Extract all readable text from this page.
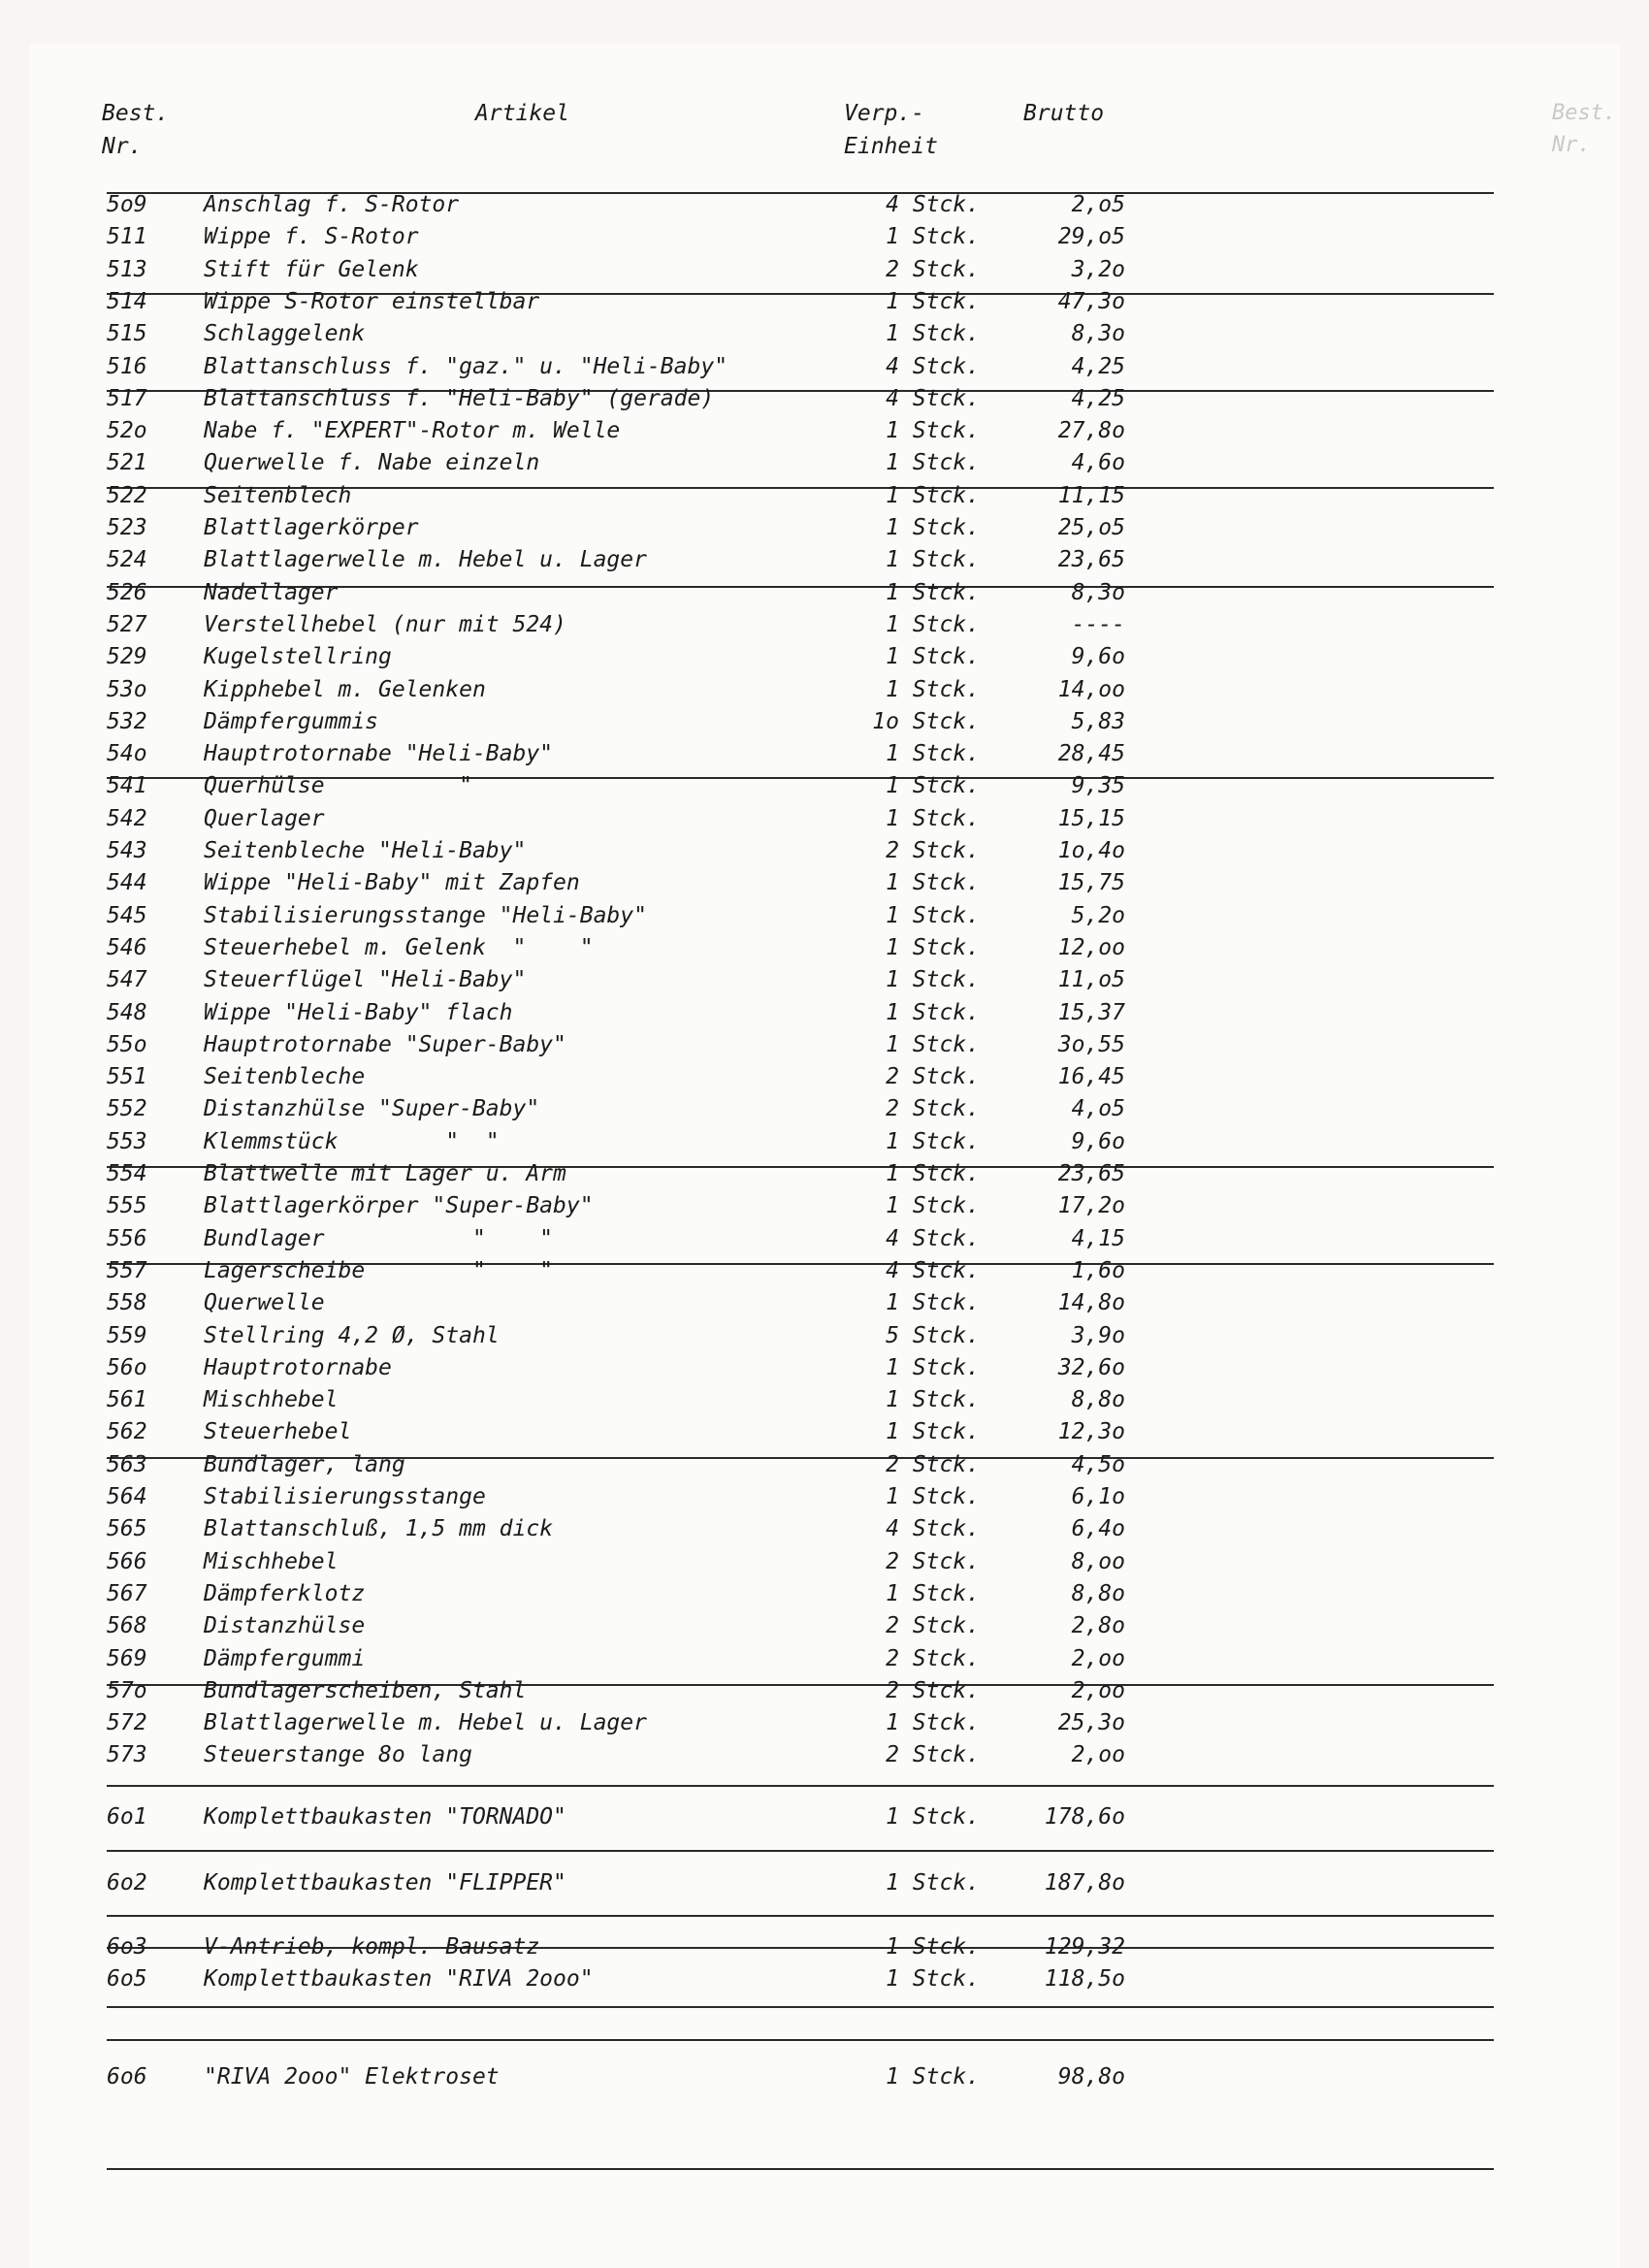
Best.
Nr.
Best.
Nr.
Artikel	Verp.-
Einheit
Brutto
5o9	Anschlag f. S-Rotor	4 Stck.	2,o5
511	Wippe f. S-Rotor	1 Stck.	29,o5
513	Stift für Gelenk	2 Stck.	3,2o
514	Wippe S-Rotor einstellbar	1 Stck.	47,3o
515	Schlaggelenk	1 Stck.	8,3o
516	Blattanschluss f. "gaz." u. "Heli-Baby"	4 Stck.	4,25
517	Blattanschluss f. "Heli-Baby" (gerade)	4 Stck.	4,25
52o	Nabe f. "EXPERT"-Rotor m. Welle	1 Stck.	27,8o
521	Querwelle f. Nabe einzeln	1 Stck.	4,6o
522	Seitenblech	1 Stck.	11,15
523	Blattlagerkörper	1 Stck.	25,o5
524	Blattlagerwelle m. Hebel u. Lager	1 Stck.	23,65
526	Nadellager	1 Stck.	8,3o
527	Verstellhebel (nur mit 524)	1 Stck.	----
529	Kugelstellring	1 Stck.	9,6o
53o	Kipphebel m. Gelenken	1 Stck.	14,oo
532	Dämpfergummis	1o Stck.	5,83
54o	Hauptrotornabe "Heli-Baby"	1 Stck.	28,45
541	Querhülse          "	1 Stck.	9,35
542	Querlager	1 Stck.	15,15
543	Seitenbleche "Heli-Baby"	2 Stck.	1o,4o
544	Wippe "Heli-Baby" mit Zapfen	1 Stck.	15,75
545	Stabilisierungsstange "Heli-Baby"	1 Stck.	5,2o
546	Steuerhebel m. Gelenk  "    "	1 Stck.	12,oo
547	Steuerflügel "Heli-Baby"	1 Stck.	11,o5
548	Wippe "Heli-Baby" flach	1 Stck.	15,37
55o	Hauptrotornabe "Super-Baby"	1 Stck.	3o,55
551	Seitenbleche	2 Stck.	16,45
552	Distanzhülse "Super-Baby"	2 Stck.	4,o5
553	Klemmstück        "  "	1 Stck.	9,6o
554	Blattwelle mit Lager u. Arm	1 Stck.	23,65
555	Blattlagerkörper "Super-Baby"	1 Stck.	17,2o
556	Bundlager           "    "	4 Stck.	4,15
557	Lagerscheibe        "    "	4 Stck.	1,6o
558	Querwelle	1 Stck.	14,8o
559	Stellring 4,2 Ø, Stahl	5 Stck.	3,9o
56o	Hauptrotornabe	1 Stck.	32,6o
561	Mischhebel	1 Stck.	8,8o
562	Steuerhebel	1 Stck.	12,3o
563	Bundlager, lang	2 Stck.	4,5o
564	Stabilisierungsstange	1 Stck.	6,1o
565	Blattanschluß, 1,5 mm dick	4 Stck.	6,4o
566	Mischhebel	2 Stck.	8,oo
567	Dämpferklotz	1 Stck.	8,8o
568	Distanzhülse	2 Stck.	2,8o
569	Dämpfergummi	2 Stck.	2,oo
57o	Bundlagerscheiben, Stahl	2 Stck.	2,oo
572	Blattlagerwelle m. Hebel u. Lager	1 Stck.	25,3o
573	Steuerstange 8o lang	2 Stck.	2,oo
6o1	Komplettbaukasten "TORNADO"	1 Stck.	178,6o
6o2	Komplettbaukasten "FLIPPER"	1 Stck.	187,8o
6o3	V-Antrieb, kompl. Bausatz	1 Stck.	129,32
6o5	Komplettbaukasten "RIVA 2ooo"	1 Stck.	118,5o
6o6	"RIVA 2ooo" Elektroset	1 Stck.	98,8o
